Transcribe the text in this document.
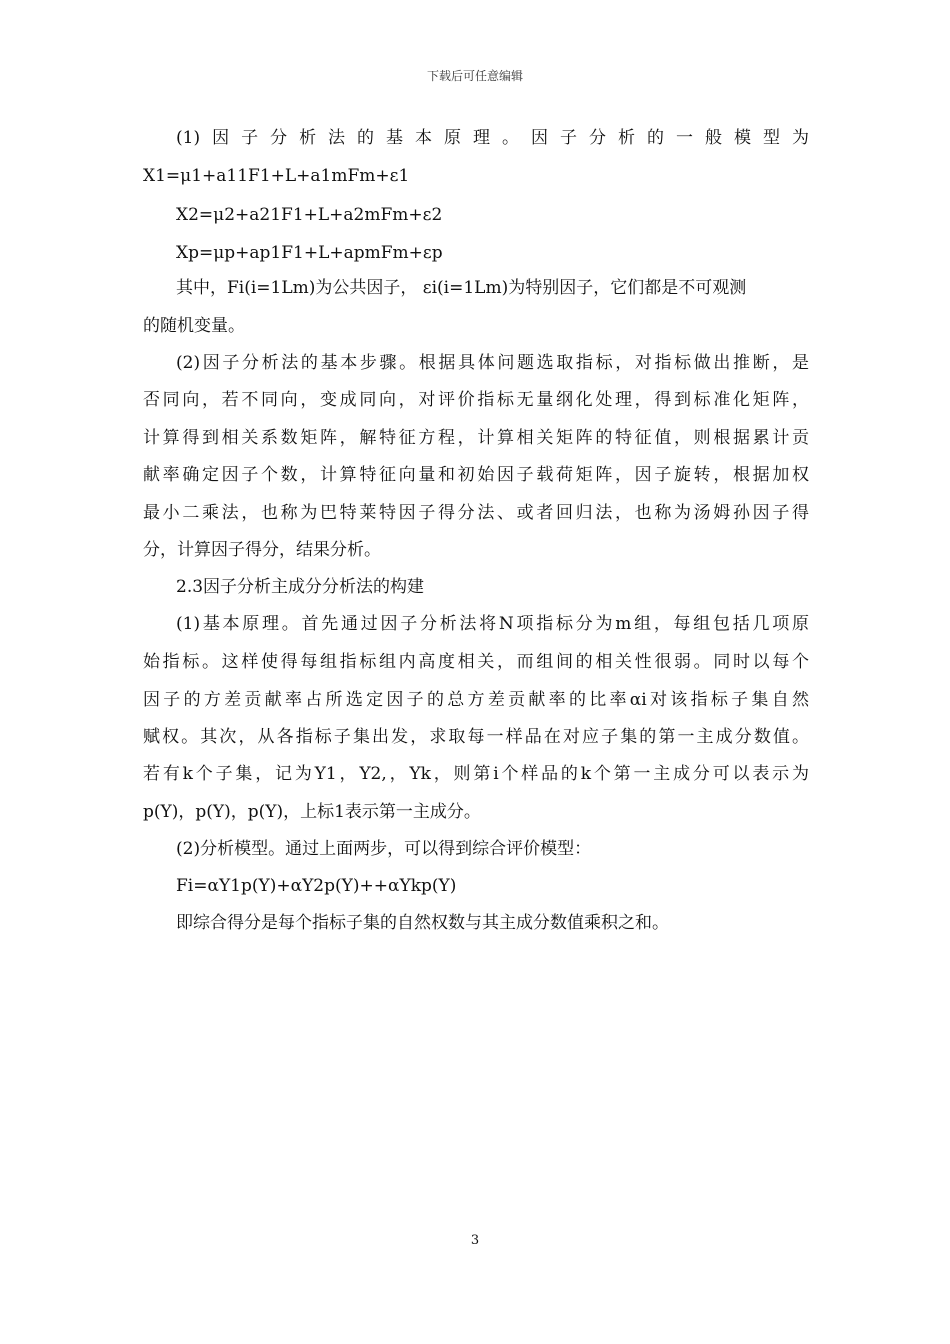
下载后可任意编辑
(1)因子分析法的基本原理。因子分析的一般模型为
X1=μ1+a11F1+L+a1mFm+ε1
X2=μ2+a21F1+L+a2mFm+ε2
Xp=μp+ap1F1+L+apmFm+εp
其中，Fi(i=1Lm)为公共因子， εi(i=1Lm)为特别因子，它们都是不可观测
的随机变量。
(2)因子分析法的基本步骤。根据具体问题选取指标，对指标做出推断，是
否同向，若不同向，变成同向，对评价指标无量纲化处理，得到标准化矩阵，
计算得到相关系数矩阵，解特征方程，计算相关矩阵的特征值，则根据累计贡
献率确定因子个数，计算特征向量和初始因子载荷矩阵，因子旋转，根据加权
最小二乘法，也称为巴特莱特因子得分法、或者回归法，也称为汤姆孙因子得
分，计算因子得分，结果分析。
2.3因子分析主成分分析法的构建
(1)基本原理。首先通过因子分析法将N项指标分为m组，每组包括几项原
始指标。这样使得每组指标组内高度相关，而组间的相关性很弱。同时以每个
因子的方差贡献率占所选定因子的总方差贡献率的比率αi对该指标子集自然
赋权。其次，从各指标子集出发，求取每一样品在对应子集的第一主成分数值。
若有k个子集，记为Y1，Y2,，Yk，则第i个样品的k个第一主成分可以表示为
p(Y)，p(Y)，p(Y)，上标1表示第一主成分。
(2)分析模型。通过上面两步，可以得到综合评价模型：
Fi=αY1p(Y)+αY2p(Y)++αYkp(Y)
即综合得分是每个指标子集的自然权数与其主成分数值乘积之和。
3
